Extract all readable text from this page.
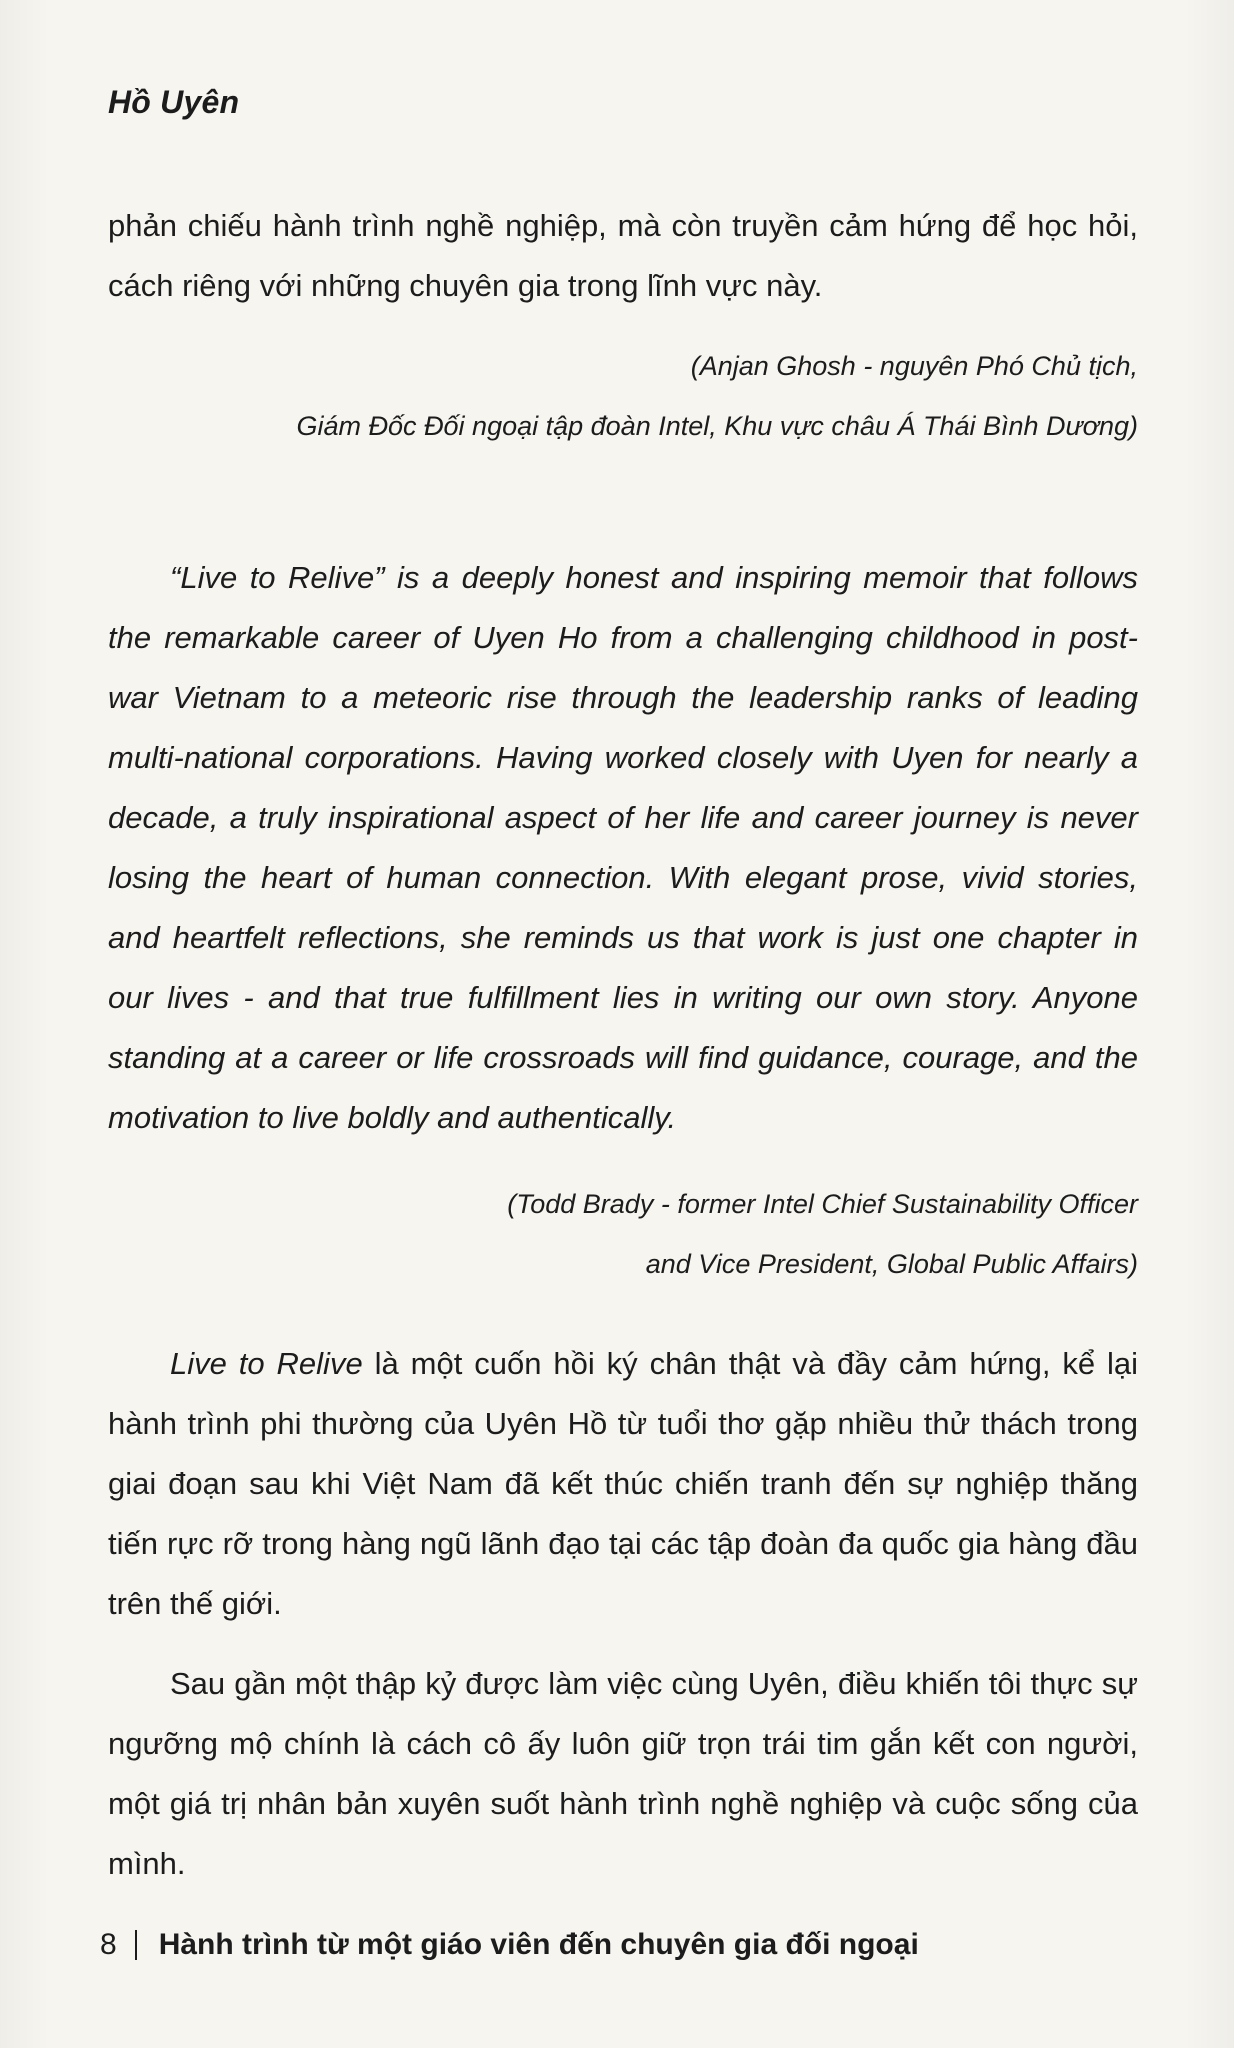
Hồ Uyên

phản chiếu hành trình nghề nghiệp, mà còn truyền cảm hứng để học hỏi, cách riêng với những chuyên gia trong lĩnh vực này.

(Anjan Ghosh - nguyên Phó Chủ tịch,

Giám Đốc Đối ngoại tập đoàn Intel, Khu vực châu Á Thái Bình Dương)

“Live to Relive” is a deeply honest and inspiring memoir that follows the remarkable career of Uyen Ho from a challenging childhood in post-war Vietnam to a meteoric rise through the leadership ranks of leading multi-national corporations. Having worked closely with Uyen for nearly a decade, a truly inspirational aspect of her life and career journey is never losing the heart of human connection. With elegant prose, vivid stories, and heartfelt reflections, she reminds us that work is just one chapter in our lives - and that true fulfillment lies in writing our own story. Anyone standing at a career or life crossroads will find guidance, courage, and the motivation to live boldly and authentically.

(Todd Brady - former Intel Chief Sustainability Officer

and Vice President, Global Public Affairs)

Live to Relive là một cuốn hồi ký chân thật và đầy cảm hứng, kể lại hành trình phi thường của Uyên Hồ từ tuổi thơ gặp nhiều thử thách trong giai đoạn sau khi Việt Nam đã kết thúc chiến tranh đến sự nghiệp thăng tiến rực rỡ trong hàng ngũ lãnh đạo tại các tập đoàn đa quốc gia hàng đầu trên thế giới.

Sau gần một thập kỷ được làm việc cùng Uyên, điều khiến tôi thực sự ngưỡng mộ chính là cách cô ấy luôn giữ trọn trái tim gắn kết con người, một giá trị nhân bản xuyên suốt hành trình nghề nghiệp và cuộc sống của mình.

8 Hành trình từ một giáo viên đến chuyên gia đối ngoại
